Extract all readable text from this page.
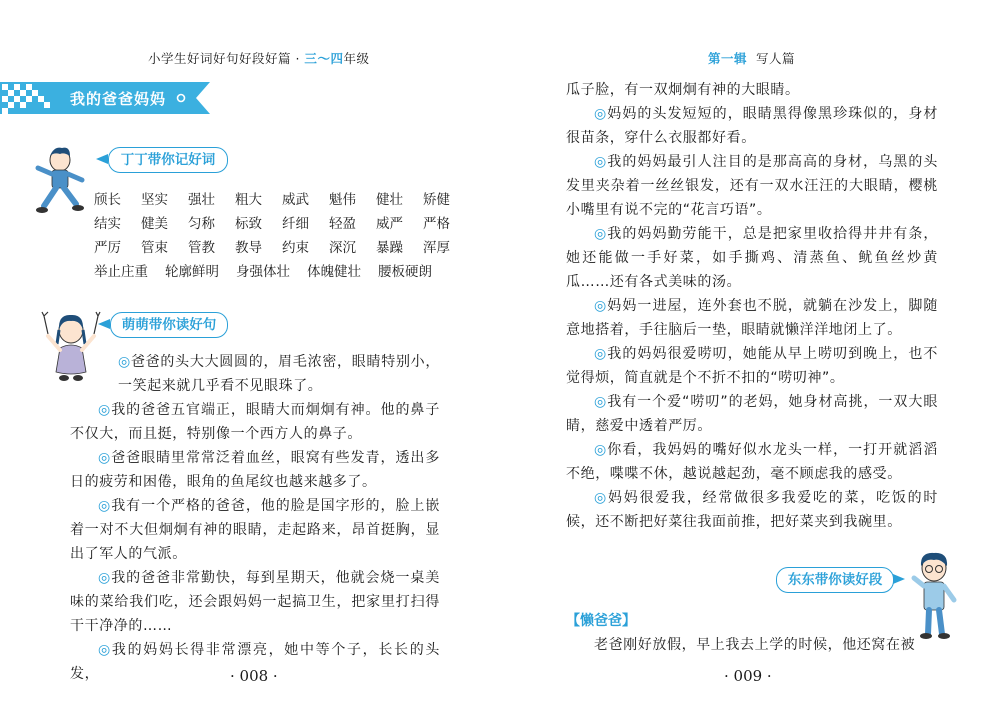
小学生好词好句好段好篇 · 三～四年级
我的爸爸妈妈
丁丁带你记好词
颀长	坚实	强壮	粗大	威武	魁伟	健壮	矫健
结实	健美	匀称	标致	纤细	轻盈	威严	严格
严厉	管束	管教	教导	约束	深沉	暴躁	浑厚
举止庄重	轮廓鲜明	身强体壮	体魄健壮	腰板硬朗
萌萌带你读好句

◎爸爸的头大大圆圆的，眉毛浓密，眼睛特别小，一笑起来就几乎看不见眼珠了。

◎我的爸爸五官端正，眼睛大而炯炯有神。他的鼻子不仅大，而且挺，特别像一个西方人的鼻子。

◎爸爸眼睛里常常泛着血丝，眼窝有些发青，透出多日的疲劳和困倦，眼角的鱼尾纹也越来越多了。

◎我有一个严格的爸爸，他的脸是国字形的，脸上嵌着一对不大但炯炯有神的眼睛，走起路来，昂首挺胸，显出了军人的气派。

◎我的爸爸非常勤快，每到星期天，他就会烧一桌美味的菜给我们吃，还会跟妈妈一起搞卫生，把家里打扫得干干净净的……

◎我的妈妈长得非常漂亮，她中等个子，长长的头发，	· 008 ·
第一辑 写人篇

瓜子脸，有一双炯炯有神的大眼睛。

◎妈妈的头发短短的，眼睛黑得像黑珍珠似的，身材很苗条，穿什么衣服都好看。

◎我的妈妈最引人注目的是那高高的身材，乌黑的头发里夹杂着一丝丝银发，还有一双水汪汪的大眼睛，樱桃小嘴里有说不完的“花言巧语”。

◎我的妈妈勤劳能干，总是把家里收拾得井井有条，她还能做一手好菜，如手撕鸡、清蒸鱼、鱿鱼丝炒黄瓜……还有各式美味的汤。

◎妈妈一进屋，连外套也不脱，就躺在沙发上，脚随意地搭着，手往脑后一垫，眼睛就懒洋洋地闭上了。

◎我的妈妈很爱唠叨，她能从早上唠叨到晚上，也不觉得烦，简直就是个不折不扣的“唠叨神”。

◎我有一个爱“唠叨”的老妈，她身材高挑，一双大眼睛，慈爱中透着严厉。

◎你看，我妈妈的嘴好似水龙头一样，一打开就滔滔不绝，喋喋不休，越说越起劲，毫不顾虑我的感受。

◎妈妈很爱我，经常做很多我爱吃的菜，吃饭的时候，还不断把好菜往我面前推，把好菜夹到我碗里。

东东带你读好段
【懒爸爸】

老爸刚好放假，早上我去上学的时候，他还窝在被

· 009 ·
